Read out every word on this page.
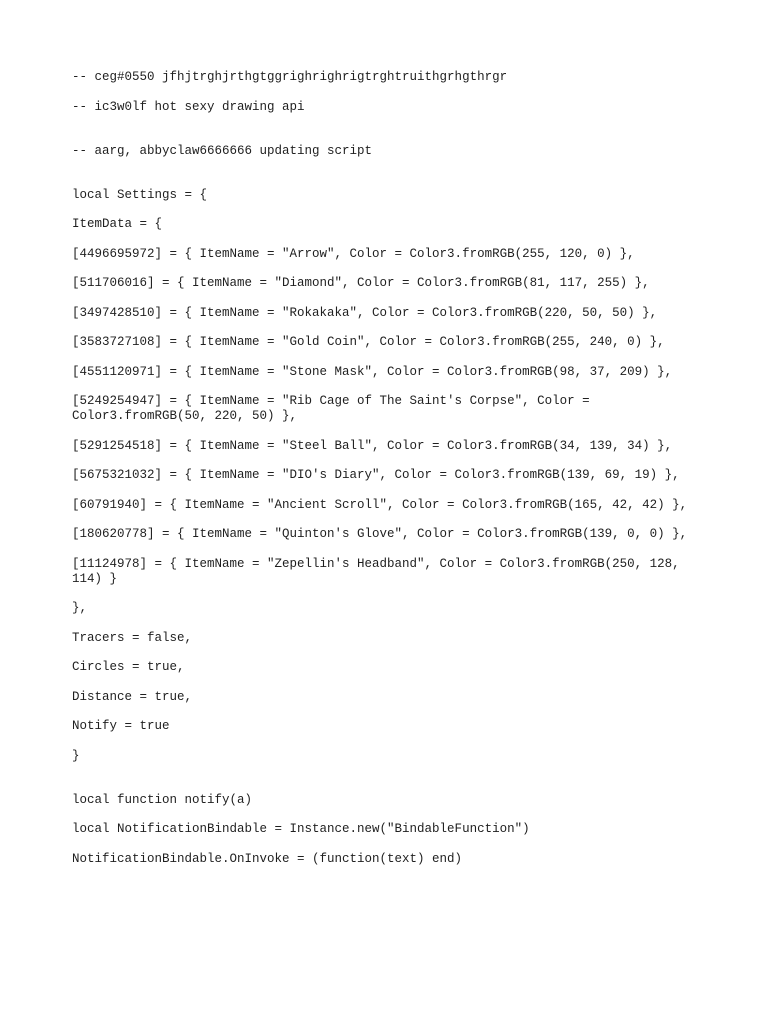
-- ceg#0550 jfhjtrghjrthgtggrighrighrigtrghtruithgrhgthrgr
-- ic3w0lf hot sexy drawing api
-- aarg, abbyclaw6666666 updating script
local Settings = {
ItemData = {
[4496695972] = { ItemName = "Arrow", Color = Color3.fromRGB(255, 120, 0) },
[511706016] = { ItemName = "Diamond", Color = Color3.fromRGB(81, 117, 255) },
[3497428510] = { ItemName = "Rokakaka", Color = Color3.fromRGB(220, 50, 50) },
[3583727108] = { ItemName = "Gold Coin", Color = Color3.fromRGB(255, 240, 0) },
[4551120971] = { ItemName = "Stone Mask", Color = Color3.fromRGB(98, 37, 209) },
[5249254947] = { ItemName = "Rib Cage of The Saint's Corpse", Color = Color3.fromRGB(50, 220, 50) },
[5291254518] = { ItemName = "Steel Ball", Color = Color3.fromRGB(34, 139, 34) },
[5675321032] = { ItemName = "DIO's Diary", Color = Color3.fromRGB(139, 69, 19) },
[60791940] = { ItemName = "Ancient Scroll", Color = Color3.fromRGB(165, 42, 42) },
[180620778] = { ItemName = "Quinton's Glove", Color = Color3.fromRGB(139, 0, 0) },
[11124978] = { ItemName = "Zepellin's Headband", Color = Color3.fromRGB(250, 128, 114) }
},
Tracers = false,
Circles = true,
Distance = true,
Notify = true
}
local function notify(a)
local NotificationBindable = Instance.new("BindableFunction")
NotificationBindable.OnInvoke = (function(text) end)
